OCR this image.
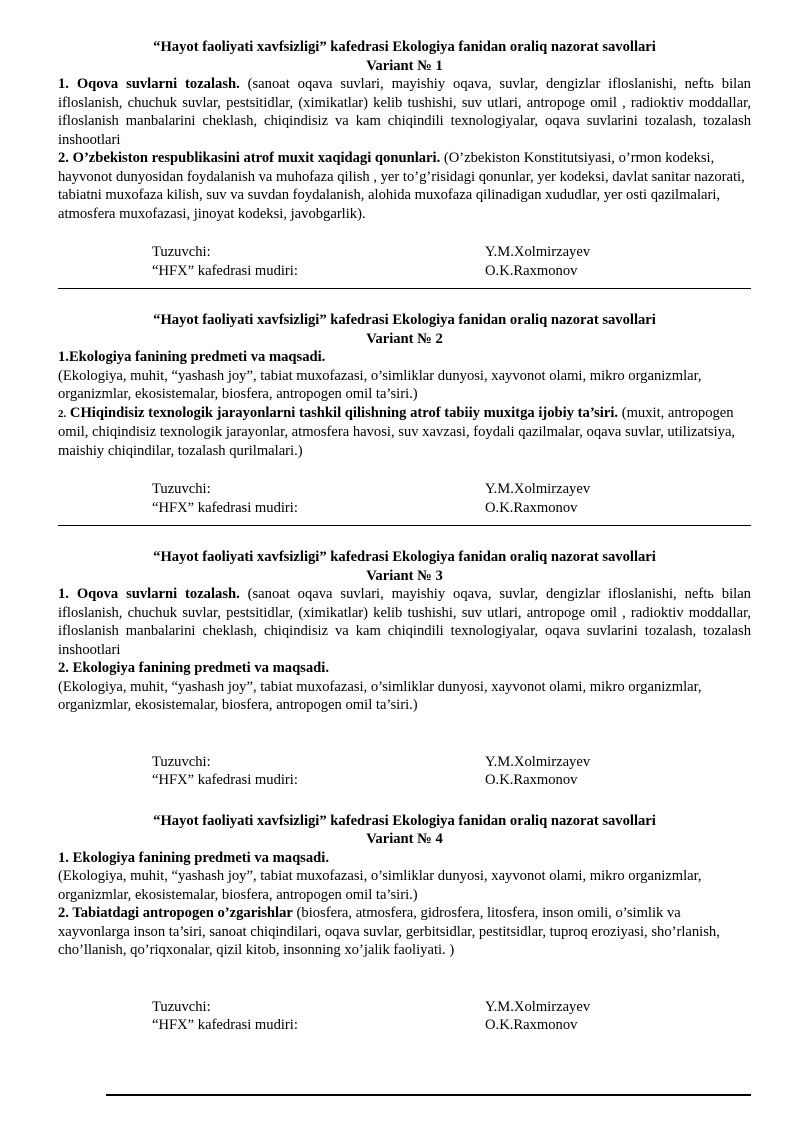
“Hayot faoliyati xavfsizligi” kafedrasi Ekologiya fanidan oraliq nazorat savollari
Variant № 1

1. Oqova suvlarni tozalash. (sanoat oqava suvlari, mayishiy oqava, suvlar, dengizlar ifloslanishi, neftь bilan ifloslanish, chuchuk suvlar, pestsitidlar, (ximikatlar) kelib tushishi, suv utlari, antropoge omil , radioktiv moddallar, ifloslanish manbalarini cheklash, chiqindisiz va kam chiqindili texnologiyalar, oqava suvlarini tozalash, tozalash inshootlari

2. O’zbekiston respublikasini atrof muxit xaqidagi qonunlari. (O’zbekiston Konstitutsiyasi, o’rmon kodeksi, hayvonot dunyosidan foydalanish va muhofaza qilish , yer to’g’risidagi qonunlar, yer kodeksi, davlat sanitar nazorati, tabiatni muxofaza kilish, suv va suvdan foydalanish, alohida muxofaza qilinadigan xududlar, yer osti qazilmalari, atmosfera muxofazasi, jinoyat kodeksi, javobgarlik).

Tuzuvchi:	Y.M.Xolmirzayev
“HFX” kafedrasi mudiri:	O.K.Raxmonov
“Hayot faoliyati xavfsizligi” kafedrasi Ekologiya fanidan oraliq nazorat savollari
Variant № 2

1.Ekologiya fanining predmeti va maqsadi.
(Ekologiya, muhit, “yashash joy”, tabiat muxofazasi, o’simliklar dunyosi, xayvonot olami, mikro organizmlar, organizmlar, ekosistemalar, biosfera, antropogen omil ta’siri.)

2. CHiqindisiz texnologik jarayonlarni tashkil qilishning atrof tabiiy muxitga ijobiy ta’siri. (muxit, antropogen omil, chiqindisiz texnologik jarayonlar, atmosfera havosi, suv xavzasi, foydali qazilmalar, oqava suvlar, utilizatsiya, maishiy chiqindilar, tozalash qurilmalari.)

Tuzuvchi:	Y.M.Xolmirzayev
“HFX” kafedrasi mudiri:	O.K.Raxmonov
“Hayot faoliyati xavfsizligi” kafedrasi Ekologiya fanidan oraliq nazorat savollari
Variant № 3

1. Oqova suvlarni tozalash. (sanoat oqava suvlari, mayishiy oqava, suvlar, dengizlar ifloslanishi, neftь bilan ifloslanish, chuchuk suvlar, pestsitidlar, (ximikatlar) kelib tushishi, suv utlari, antropoge omil , radioktiv moddallar, ifloslanish manbalarini cheklash, chiqindisiz va kam chiqindili texnologiyalar, oqava suvlarini tozalash, tozalash inshootlari

2. Ekologiya fanining predmeti va maqsadi.
(Ekologiya, muhit, “yashash joy”, tabiat muxofazasi, o’simliklar dunyosi, xayvonot olami, mikro organizmlar, organizmlar, ekosistemalar, biosfera, antropogen omil ta’siri.)

Tuzuvchi:	Y.M.Xolmirzayev
“HFX” kafedrasi mudiri:	O.K.Raxmonov
“Hayot faoliyati xavfsizligi” kafedrasi Ekologiya fanidan oraliq nazorat savollari
Variant № 4

1. Ekologiya fanining predmeti va maqsadi.
(Ekologiya, muhit, “yashash joy”, tabiat muxofazasi, o’simliklar dunyosi, xayvonot olami, mikro organizmlar, organizmlar, ekosistemalar, biosfera, antropogen omil ta’siri.)

2. Tabiatdagi antropogen o’zgarishlar (biosfera, atmosfera, gidrosfera, litosfera, inson omili, o’simlik va xayvonlarga inson ta’siri, sanoat chiqindilari, oqava suvlar, gerbitsidlar, pestitsidlar, tuproq eroziyasi, sho’rlanish, cho’llanish, qo’riqxonalar, qizil kitob, insonning xo’jalik faoliyati. )

Tuzuvchi:	Y.M.Xolmirzayev
“HFX” kafedrasi mudiri:	O.K.Raxmonov
